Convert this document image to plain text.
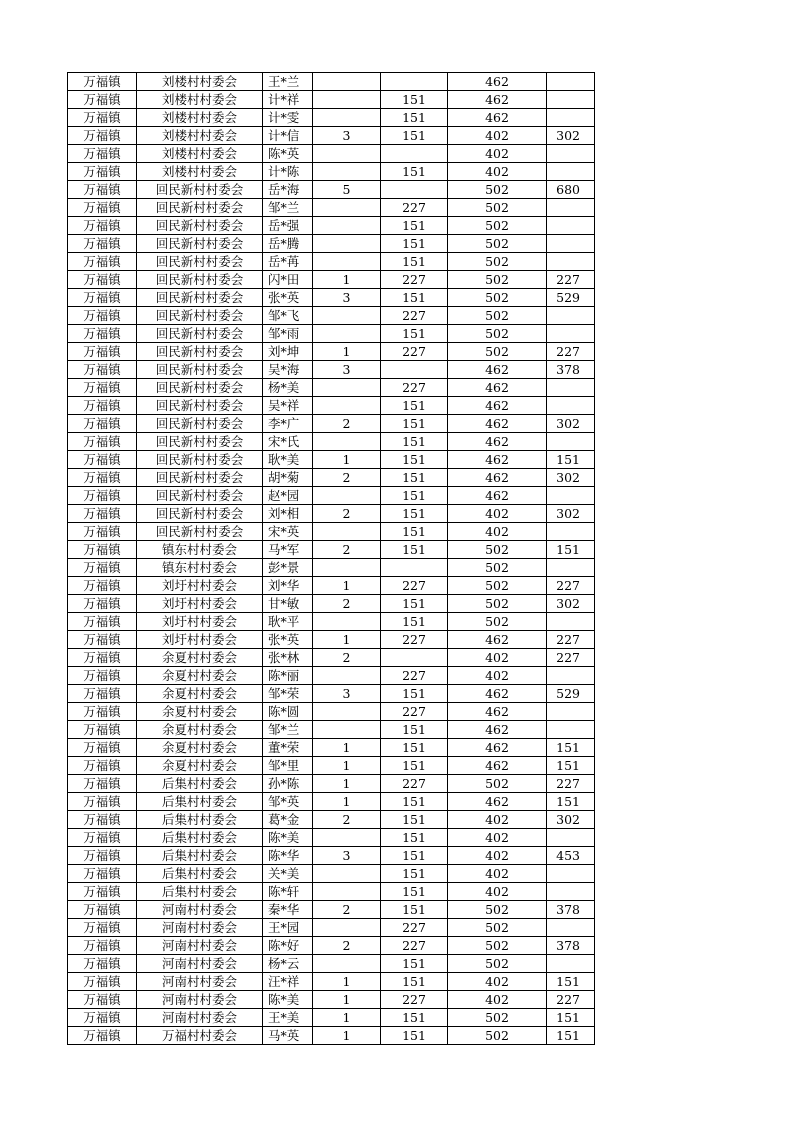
万福镇	刘楼村村委会	王*兰			462	
万福镇	刘楼村村委会	计*祥		151	462	
万福镇	刘楼村村委会	计*雯		151	462	
万福镇	刘楼村村委会	计*信	3	151	402	302
万福镇	刘楼村村委会	陈*英			402	
万福镇	刘楼村村委会	计*陈		151	402	
万福镇	回民新村村委会	岳*海	5		502	680
万福镇	回民新村村委会	邹*兰		227	502	
万福镇	回民新村村委会	岳*强		151	502	
万福镇	回民新村村委会	岳*腾		151	502	
万福镇	回民新村村委会	岳*苒		151	502	
万福镇	回民新村村委会	闪*田	1	227	502	227
万福镇	回民新村村委会	张*英	3	151	502	529
万福镇	回民新村村委会	邹*飞		227	502	
万福镇	回民新村村委会	邹*雨		151	502	
万福镇	回民新村村委会	刘*坤	1	227	502	227
万福镇	回民新村村委会	吴*海	3		462	378
万福镇	回民新村村委会	杨*美		227	462	
万福镇	回民新村村委会	吴*祥		151	462	
万福镇	回民新村村委会	李*广	2	151	462	302
万福镇	回民新村村委会	宋*氏		151	462	
万福镇	回民新村村委会	耿*美	1	151	462	151
万福镇	回民新村村委会	胡*菊	2	151	462	302
万福镇	回民新村村委会	赵*园		151	462	
万福镇	回民新村村委会	刘*相	2	151	402	302
万福镇	回民新村村委会	宋*英		151	402	
万福镇	镇东村村委会	马*军	2	151	502	151
万福镇	镇东村村委会	彭*景			502	
万福镇	刘圩村村委会	刘*华	1	227	502	227
万福镇	刘圩村村委会	甘*敏	2	151	502	302
万福镇	刘圩村村委会	耿*平		151	502	
万福镇	刘圩村村委会	张*英	1	227	462	227
万福镇	余夏村村委会	张*林	2		402	227
万福镇	余夏村村委会	陈*丽		227	402	
万福镇	余夏村村委会	邹*荣	3	151	462	529
万福镇	余夏村村委会	陈*圆		227	462	
万福镇	余夏村村委会	邹*兰		151	462	
万福镇	余夏村村委会	董*荣	1	151	462	151
万福镇	余夏村村委会	邹*里	1	151	462	151
万福镇	后集村村委会	孙*陈	1	227	502	227
万福镇	后集村村委会	邹*英	1	151	462	151
万福镇	后集村村委会	葛*金	2	151	402	302
万福镇	后集村村委会	陈*美		151	402	
万福镇	后集村村委会	陈*华	3	151	402	453
万福镇	后集村村委会	关*美		151	402	
万福镇	后集村村委会	陈*轩		151	402	
万福镇	河南村村委会	秦*华	2	151	502	378
万福镇	河南村村委会	王*园		227	502	
万福镇	河南村村委会	陈*好	2	227	502	378
万福镇	河南村村委会	杨*云		151	502	
万福镇	河南村村委会	汪*祥	1	151	402	151
万福镇	河南村村委会	陈*美	1	227	402	227
万福镇	河南村村委会	王*美	1	151	502	151
万福镇	万福村村委会	马*英	1	151	502	151
